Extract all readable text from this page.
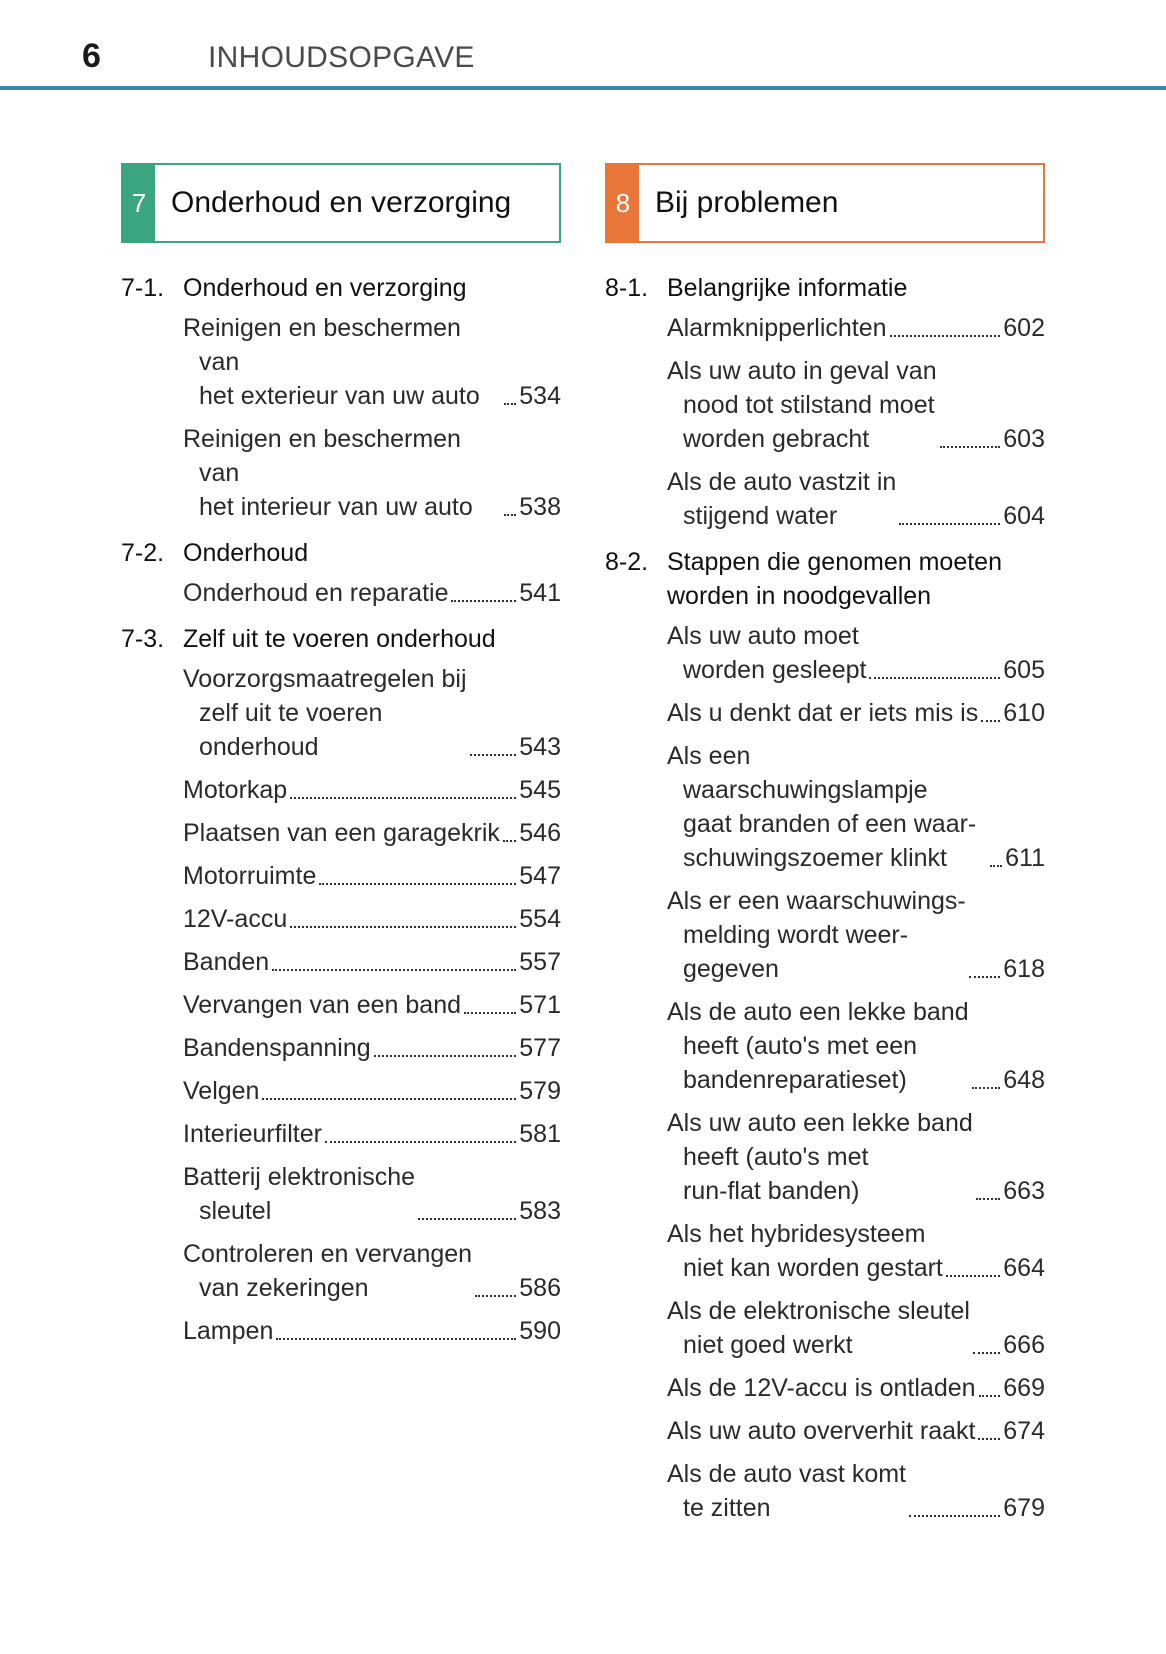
6	INHOUDSOPGAVE
7 Onderhoud en verzorging
7-1. Onderhoud en verzorging
Reinigen en beschermen van
het exterieur van uw auto	534
Reinigen en beschermen van
het interieur van uw auto	538
7-2. Onderhoud
Onderhoud en reparatie	541
7-3. Zelf uit te voeren onderhoud
Voorzorgsmaatregelen bij
zelf uit te voeren
onderhoud	543
Motorkap	545
Plaatsen van een garagekrik 546
Motorruimte	547
12V-accu	554
Banden	557
Vervangen van een band 571
Bandenspanning	577
Velgen	579
Interieurfilter	581
Batterij elektronische
sleutel	583
Controleren en vervangen
van zekeringen	586
Lampen	590
8 Bij problemen
8-1. Belangrijke informatie
Alarmknipperlichten	602
Als uw auto in geval van
nood tot stilstand moet
worden gebracht	603
Als de auto vastzit in
stijgend water	604
8-2. Stappen die genomen moeten worden in noodgevallen
Als uw auto moet
worden gesleept	605
Als u denkt dat er iets mis is 610
Als een waarschuwingslampje
gaat branden of een waar-
schuwingszoemer klinkt	611
Als er een waarschuwings-
melding wordt weer-
gegeven	618
Als de auto een lekke band
heeft (auto's met een
bandenreparatieset)	648
Als uw auto een lekke band
heeft (auto's met
run-flat banden)	663
Als het hybridesysteem
niet kan worden gestart 664
Als de elektronische sleutel
niet goed werkt	666
Als de 12V-accu is ontladen 669
Als uw auto oververhit raakt 674
Als de auto vast komt
te zitten	679
